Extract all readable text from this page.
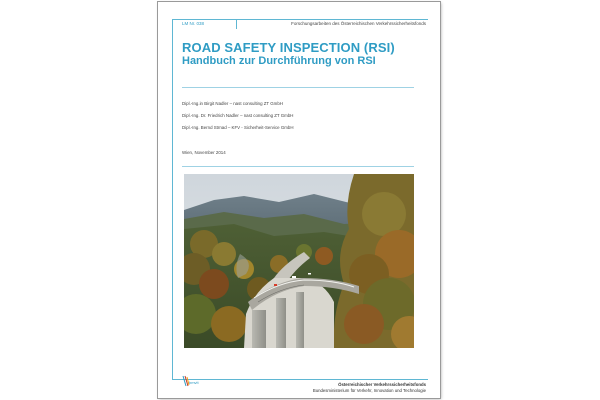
LM Nr. 038	Forschungsarbeiten des Österreichischen Verkehrssicherheitsfonds
ROAD SAFETY INSPECTION (RSI)
Handbuch zur Durchführung von RSI
Dipl.-Ing.in Birgit Nadler – nast consulting ZT GmbH
Dipl.-Ing. Dr. Friedrich Nadler – nast consulting ZT GmbH
Dipl.-Ing. Bernd Strnad – KFV - Sicherheit-Service GmbH
Wien, November 2014
bmvit	Österreichischer Verkehrssicherheitsfonds
Bundesministerium für Verkehr, Innovation und Technologie
